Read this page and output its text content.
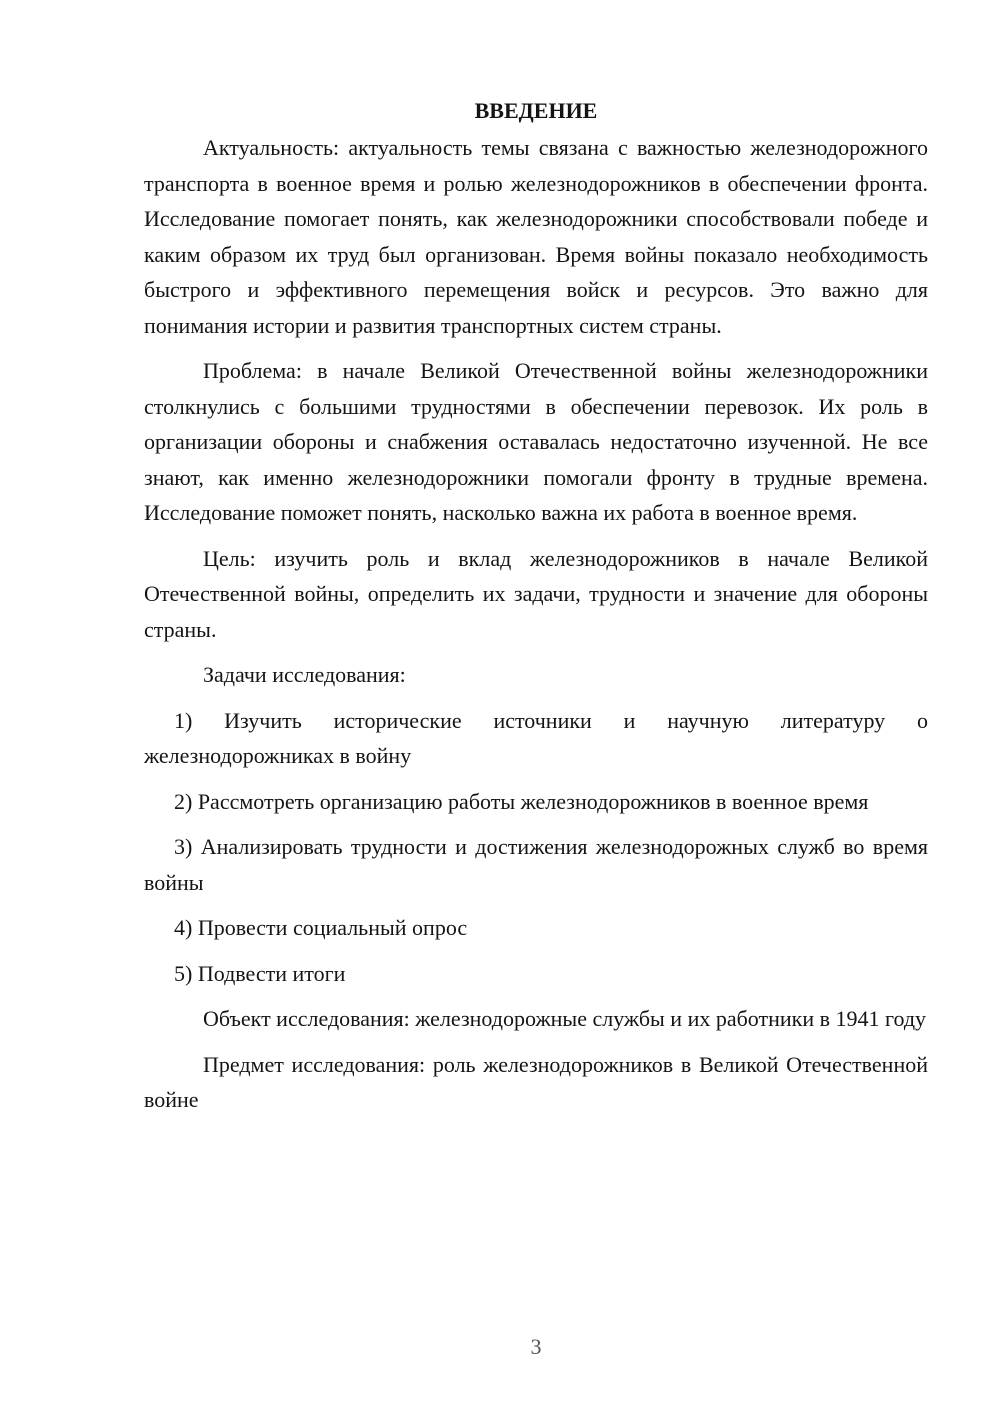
ВВЕДЕНИЕ

Актуальность: актуальность темы связана с важностью железнодорожного транспорта в военное время и ролью железнодорожников в обеспечении фронта. Исследование помогает понять, как железнодорожники способствовали победе и каким образом их труд был организован. Время войны показало необходимость быстрого и эффективного перемещения войск и ресурсов. Это важно для понимания истории и развития транспортных систем страны.

Проблема: в начале Великой Отечественной войны железнодорожники столкнулись с большими трудностями в обеспечении перевозок. Их роль в организации обороны и снабжения оставалась недостаточно изученной. Не все знают, как именно железнодорожники помогали фронту в трудные времена. Исследование поможет понять, насколько важна их работа в военное время.

Цель: изучить роль и вклад железнодорожников в начале Великой Отечественной войны, определить их задачи, трудности и значение для обороны страны.

Задачи исследования:

1) Изучить исторические источники и научную литературу о железнодорожниках в войну

2) Рассмотреть организацию работы железнодорожников в военное время

3) Анализировать трудности и достижения железнодорожных служб во время войны

4) Провести социальный опрос

5) Подвести итоги

Объект исследования: железнодорожные службы и их работники в 1941 году

Предмет исследования: роль железнодорожников в Великой Отечественной войне

3
